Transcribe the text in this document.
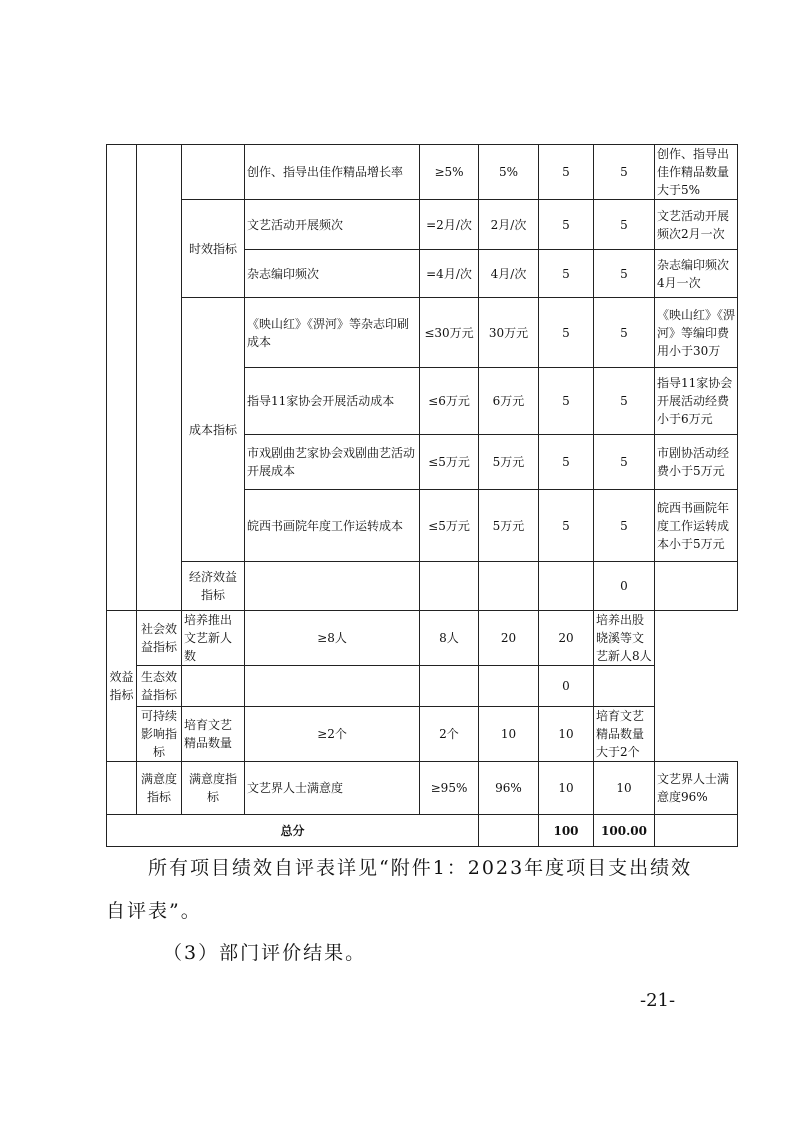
			创作、指导出佳作精品增长率	≥5%	5%	5	5	创作、指导出佳作精品数量大于5%
		时效指标	文艺活动开展频次	=2月/次	2月/次	5	5	文艺活动开展频次2月一次
			杂志编印频次	=4月/次	4月/次	5	5	杂志编印频次4月一次
		成本指标	《映山红》《淠河》等杂志印刷成本	≤30万元	30万元	5	5	《映山红》《淠河》等编印费用小于30万
			指导11家协会开展活动成本	≤6万元	6万元	5	5	指导11家协会开展活动经费小于6万元
			市戏剧曲艺家协会戏剧曲艺活动开展成本	≤5万元	5万元	5	5	市剧协活动经费小于5万元
			皖西书画院年度工作运转成本	≤5万元	5万元	5	5	皖西书画院年度工作运转成本小于5万元
		经济效益指标					0	
效益指标	社会效益指标	培养推出文艺新人数	≥8人	8人	20	20	培养出股晓溪等文艺新人8人	
	生态效益指标					0		
	可持续影响指标	培育文艺精品数量	≥2个	2个	10	10	培育文艺精品数量大于2个	
	满意度指标	满意度指标	文艺界人士满意度	≥95%	96%	10	10	文艺界人士满意度96%
总分						100	100.00	

所有项目绩效自评表详见“附件1：2023年度项目支出绩效

自评表”。

（3）部门评价结果。

-21-
